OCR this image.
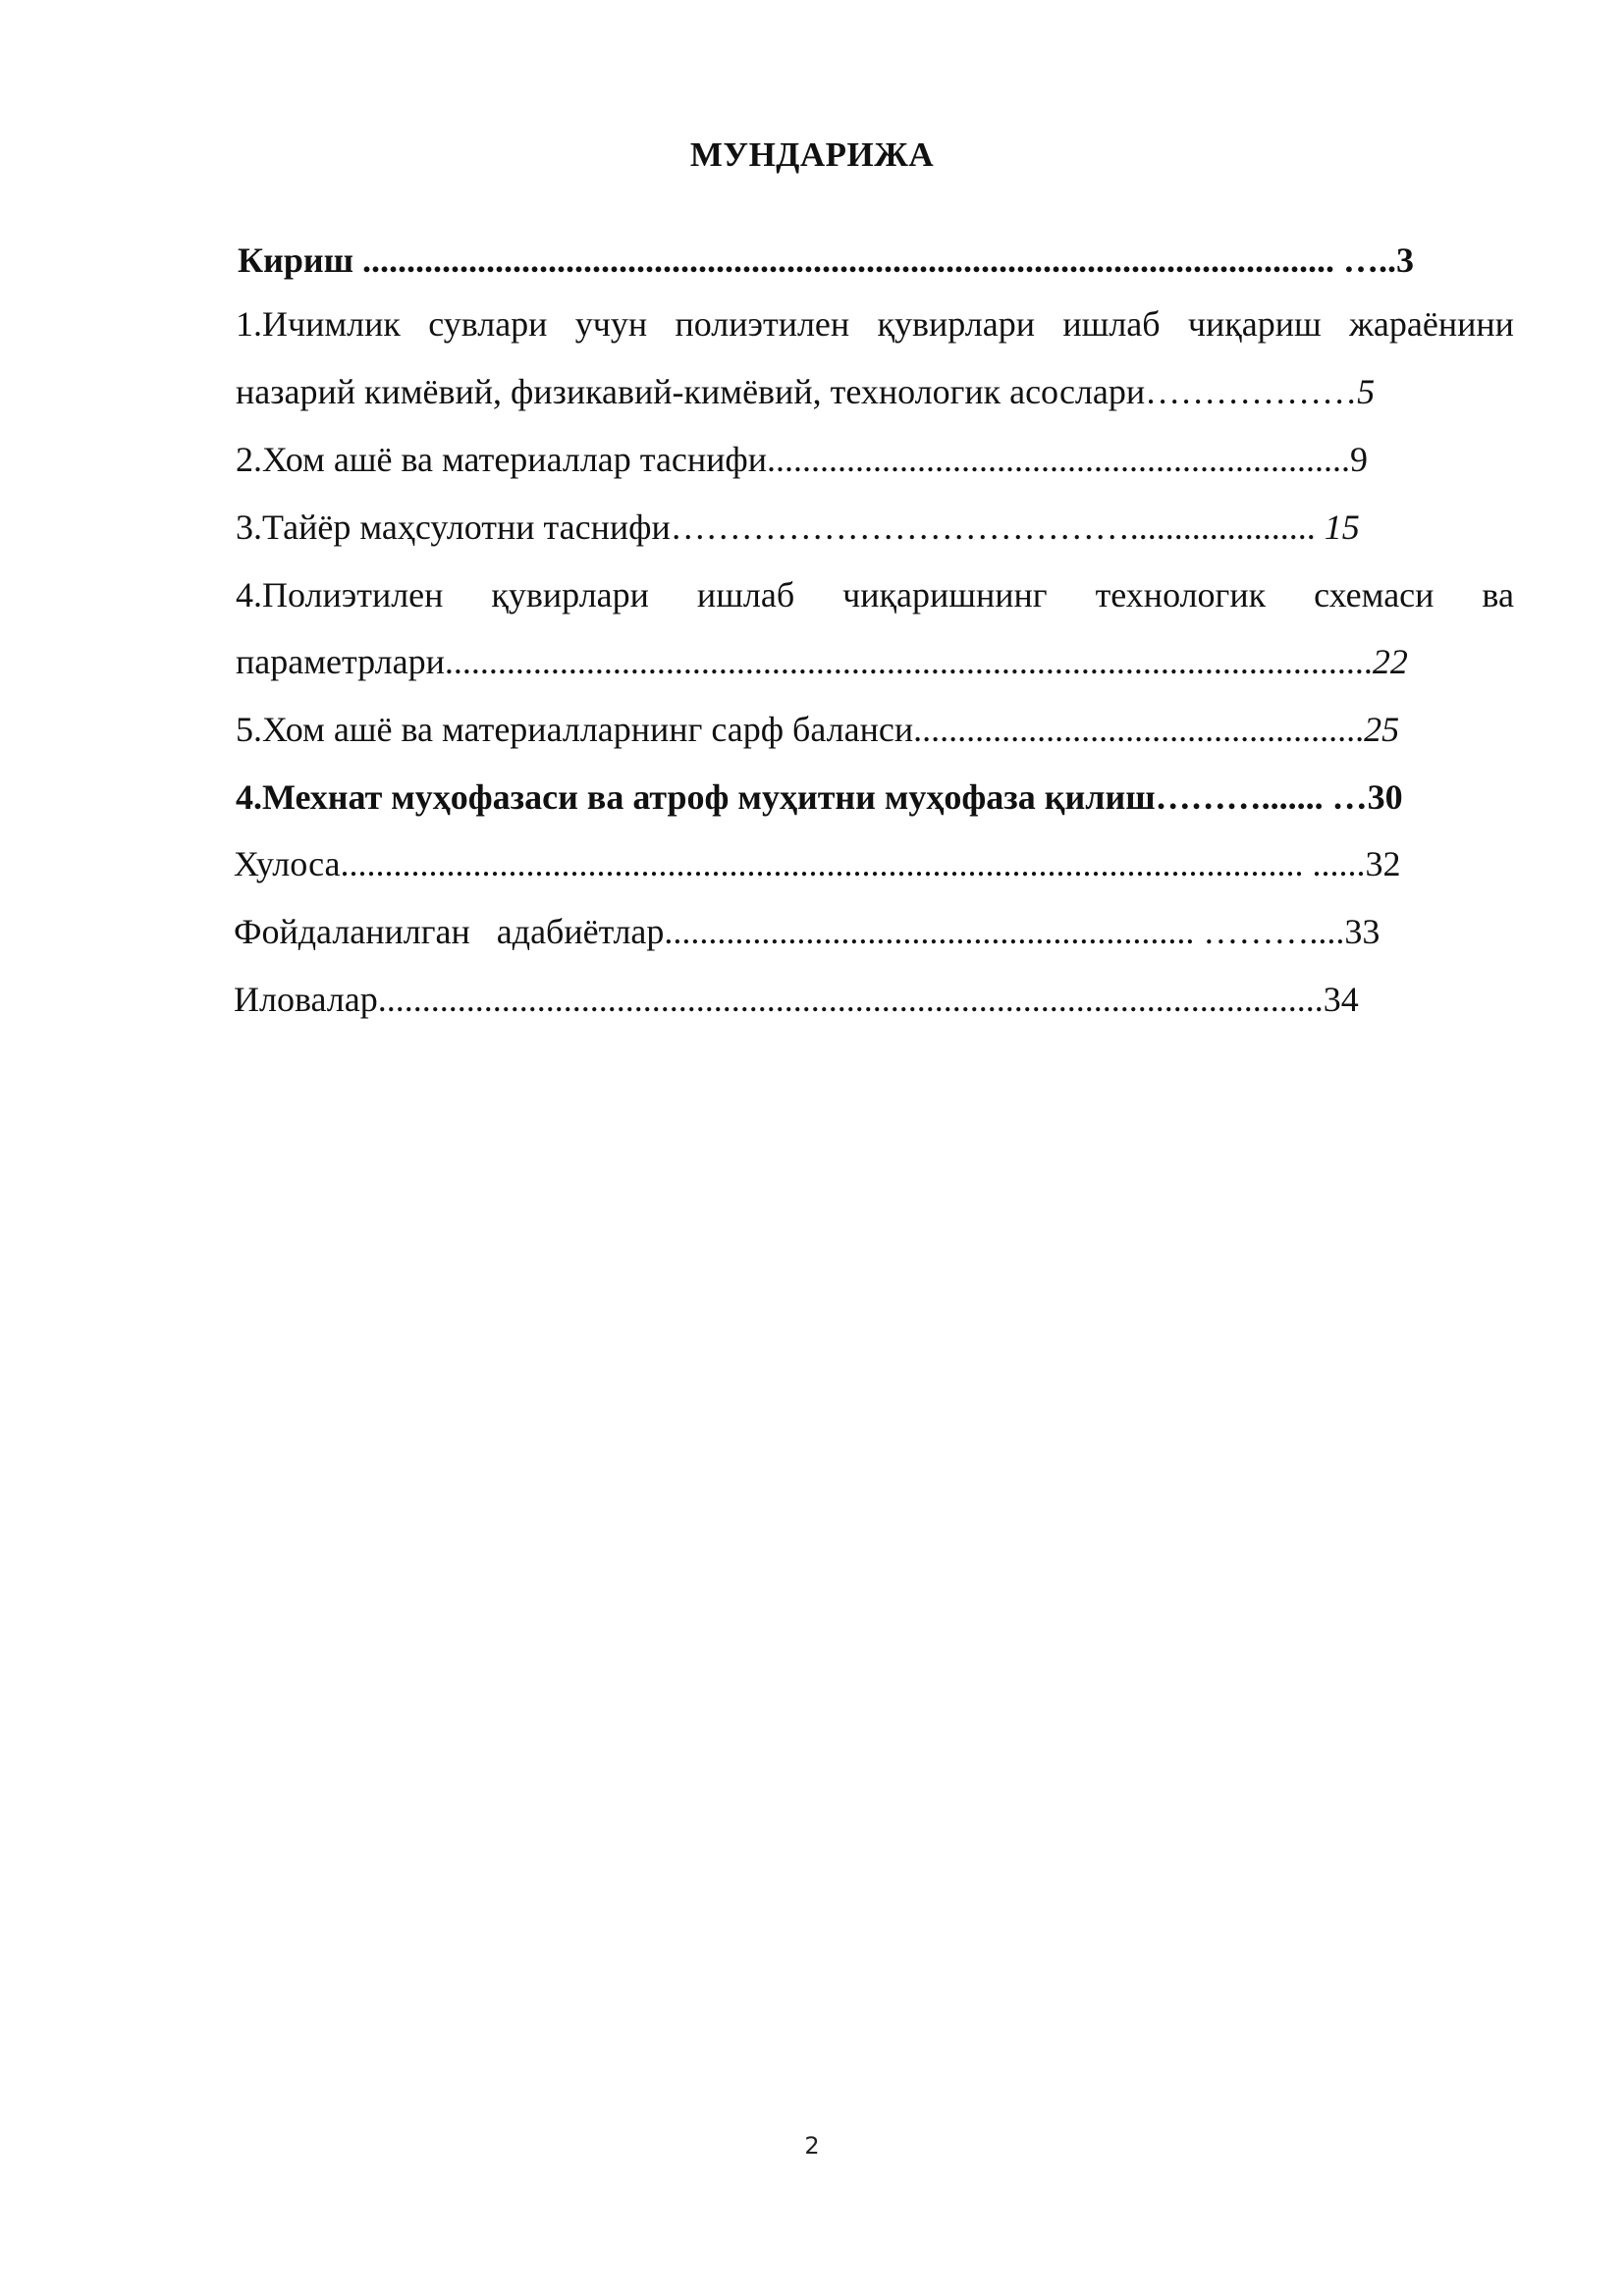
МУНДАРИЖА
Кириш .............................................................................................................. …..3
1.Ичимлик сувлари учун полиэтилен қувирлари ишлаб чиқариш жараёнини
назарий кимёвий, физикавий-кимёвий, технологик асослари………………5
2.Хом ашё ва материаллар таснифи..................................................................9
3.Тайёр маҳсулотни таснифи…………………………………..................... 15
4.Полиэтилен қувирлари ишлаб чиқаришнинг технологик схемаси ва
параметрлари.........................................................................................................22
5.Хом ашё ва материалларнинг сарф баланси...................................................25
4.Мехнат муҳофазаси ва атроф муҳитни муҳофаза қилиш………....... …30
Хулоса............................................................................................................. ......32
Фойдаланилган   адабиётлар............................................................ ………....33
Иловалар...........................................................................................................34
2
